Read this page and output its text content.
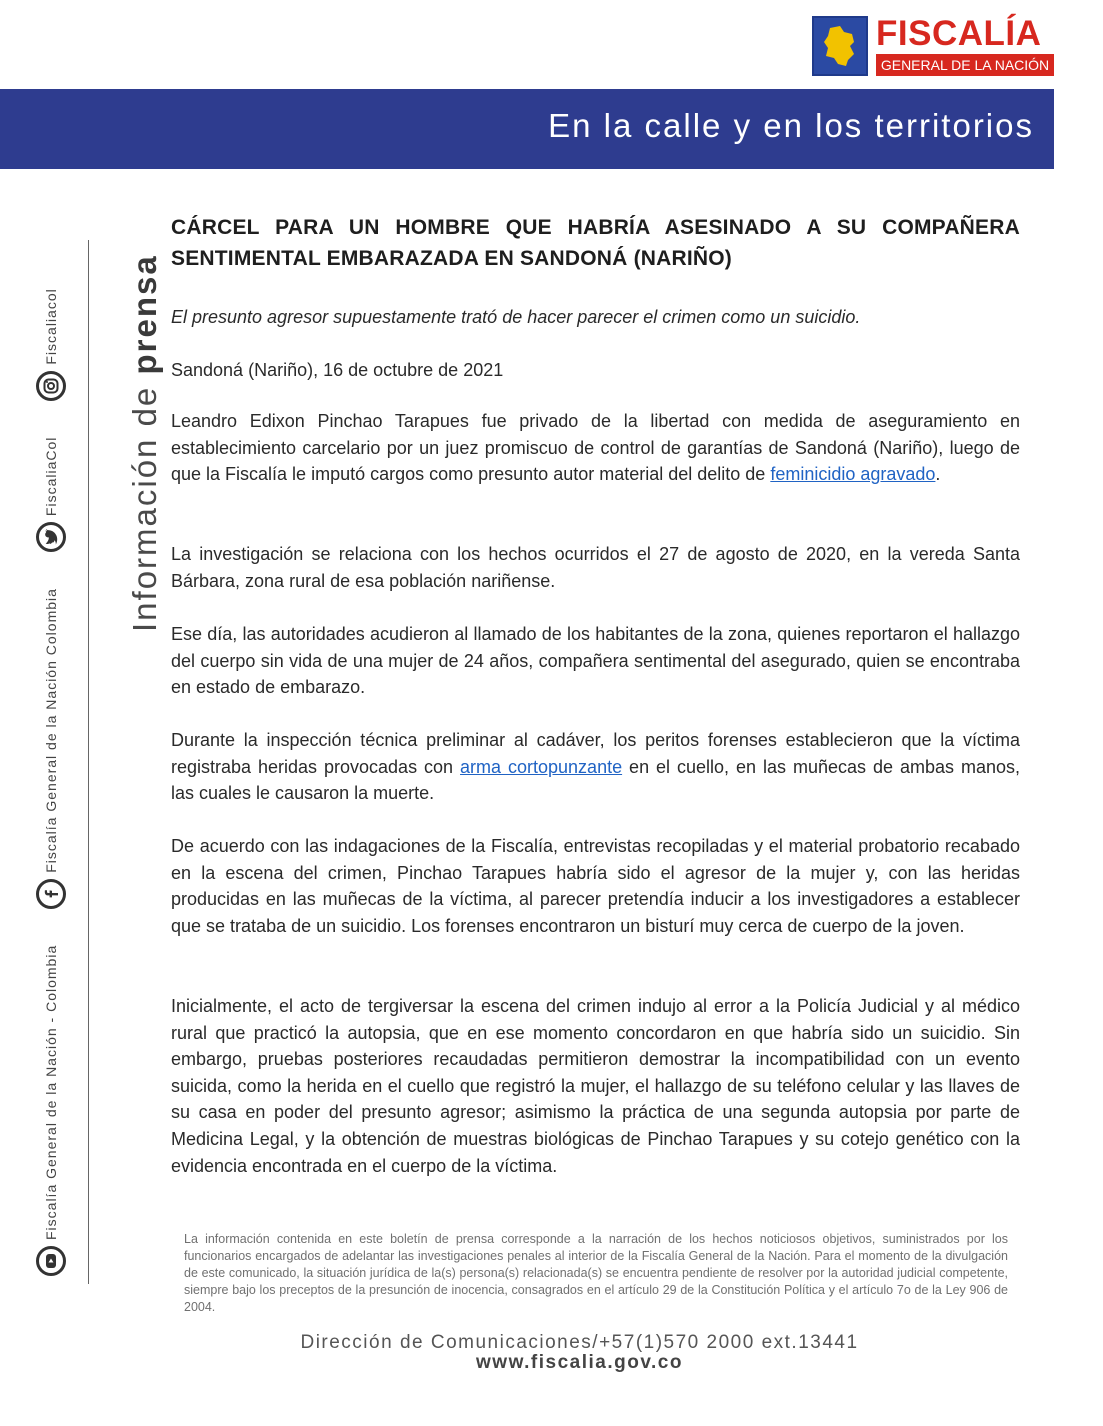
FISCALÍA
GENERAL DE LA NACIÓN
En la calle y en los territorios
Información de prensa
Fiscalía General de la Nación - Colombia
Fiscalía General de la Nación Colombia
FiscaliaCol
Fiscaliacol
CÁRCEL PARA UN HOMBRE QUE HABRÍA ASESINADO A SU COMPAÑERA SENTIMENTAL EMBARAZADA EN SANDONÁ (NARIÑO)

El presunto agresor supuestamente trató de hacer parecer el crimen como un suicidio.

Sandoná (Nariño), 16 de octubre de 2021

Leandro Edixon Pinchao Tarapues fue privado de la libertad con medida de aseguramiento en establecimiento carcelario por un juez promiscuo de control de garantías de Sandoná (Nariño), luego de que la Fiscalía le imputó cargos como presunto autor material del delito de feminicidio agravado.

La investigación se relaciona con los hechos ocurridos el 27 de agosto de 2020, en la vereda Santa Bárbara, zona rural de esa población nariñense.

Ese día, las autoridades acudieron al llamado de los habitantes de la zona, quienes reportaron el hallazgo del cuerpo sin vida de una mujer de 24 años, compañera sentimental del asegurado, quien se encontraba en estado de embarazo.

Durante la inspección técnica preliminar al cadáver, los peritos forenses establecieron que la víctima registraba heridas provocadas con arma cortopunzante en el cuello, en las muñecas de ambas manos, las cuales le causaron la muerte.

De acuerdo con las indagaciones de la Fiscalía, entrevistas recopiladas y el material probatorio recabado en la escena del crimen, Pinchao Tarapues habría sido el agresor de la mujer y, con las heridas producidas en las muñecas de la víctima, al parecer pretendía inducir a los investigadores a establecer que se trataba de un suicidio. Los forenses encontraron un bisturí muy cerca de cuerpo de la joven.

Inicialmente, el acto de tergiversar la escena del crimen indujo al error a la Policía Judicial y al médico rural que practicó la autopsia, que en ese momento concordaron en que habría sido un suicidio. Sin embargo, pruebas posteriores recaudadas permitieron demostrar la incompatibilidad con un evento suicida, como la herida en el cuello que registró la mujer, el hallazgo de su teléfono celular y las llaves de su casa en poder del presunto agresor; asimismo la práctica de una segunda autopsia por parte de Medicina Legal, y la obtención de muestras biológicas de Pinchao Tarapues y su cotejo genético con la evidencia encontrada en el cuerpo de la víctima.

La información contenida en este boletín de prensa corresponde a la narración de los hechos noticiosos objetivos, suministrados por los funcionarios encargados de adelantar las investigaciones penales al interior de la Fiscalía General de la Nación. Para el momento de la divulgación de este comunicado, la situación jurídica de la(s) persona(s) relacionada(s) se encuentra pendiente de resolver por la autoridad judicial competente, siempre bajo los preceptos de la presunción de inocencia, consagrados en el artículo 29 de la Constitución Política y el artículo 7o de la Ley 906 de 2004.

Dirección de Comunicaciones/+57(1)570 2000 ext.13441
www.fiscalia.gov.co
